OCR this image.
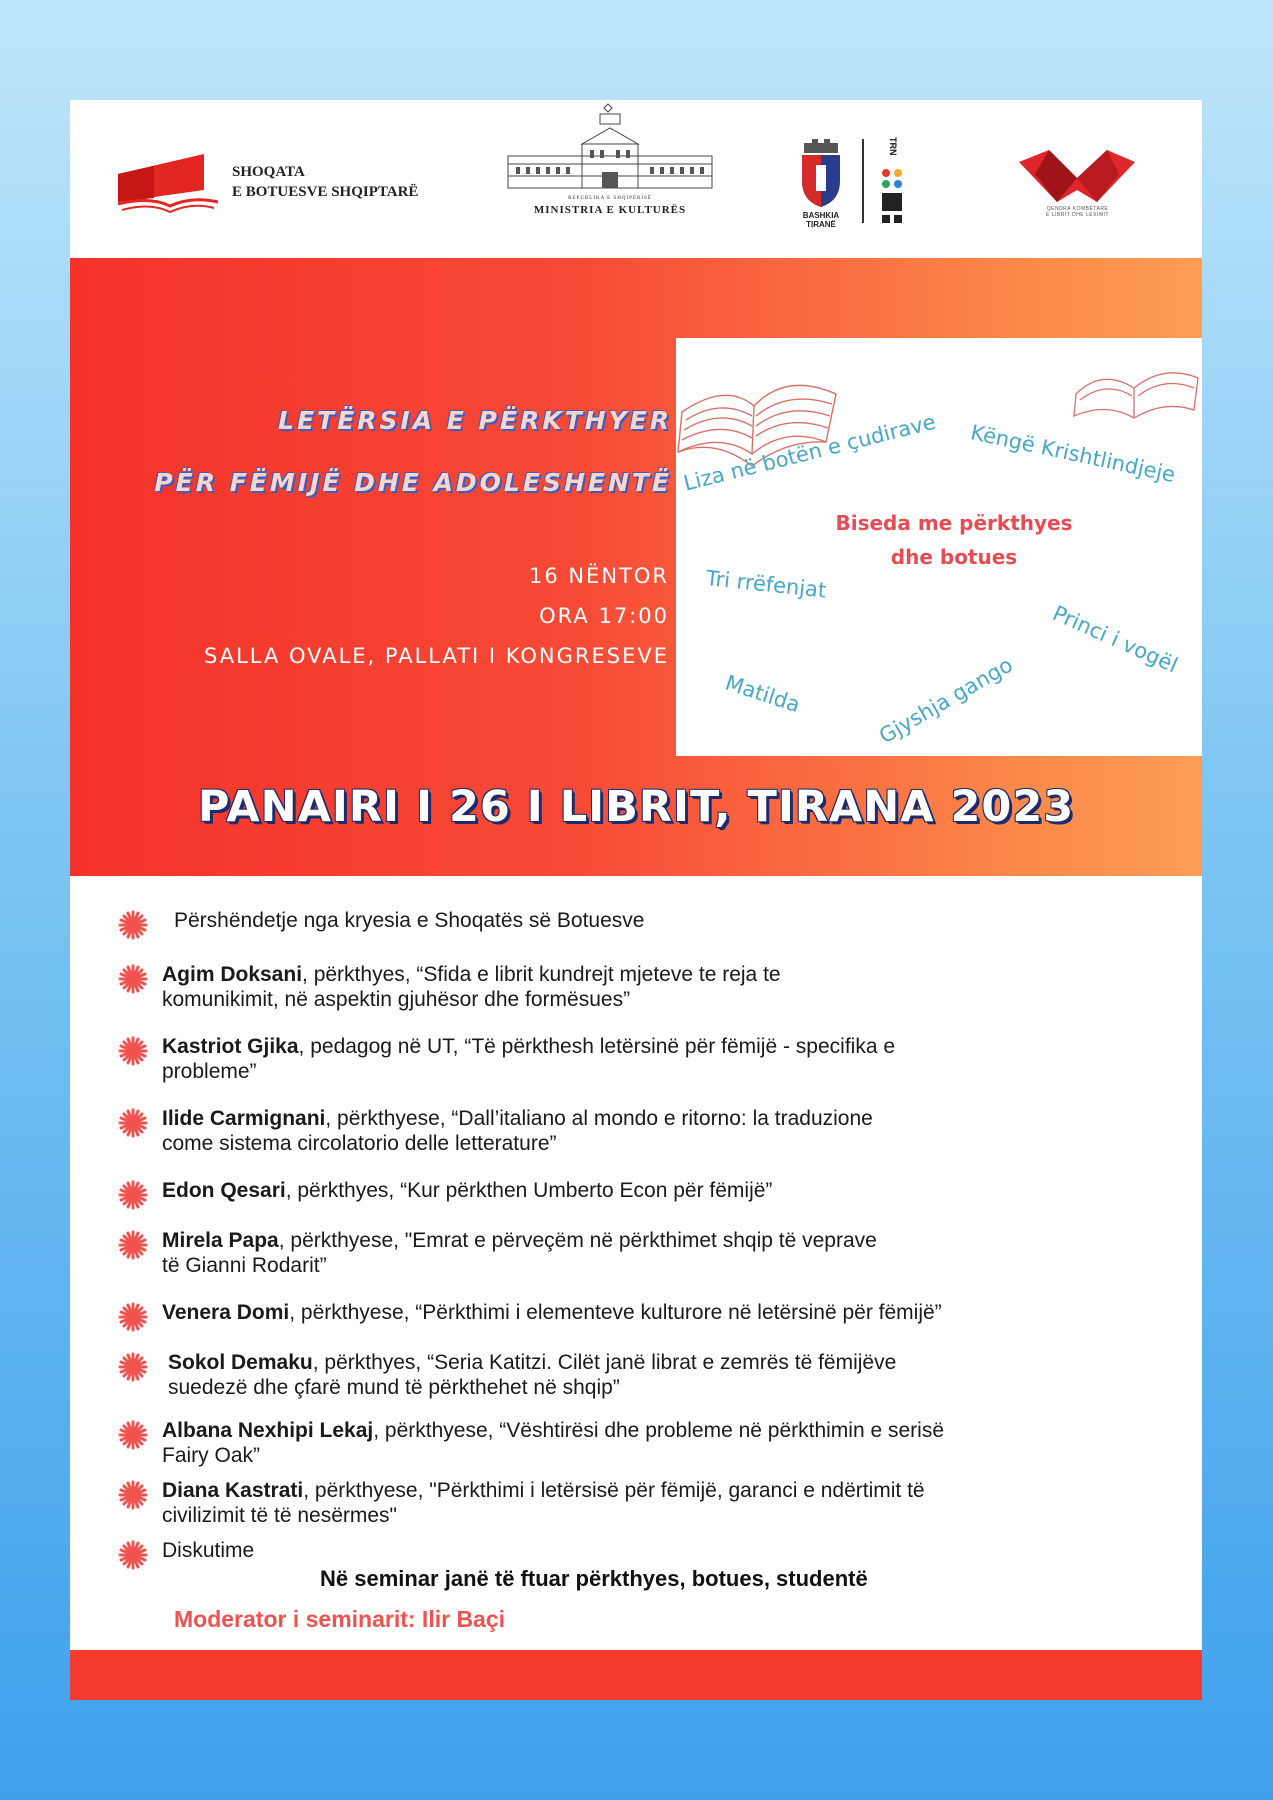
SHOQATA
E BOTUESVE SHQIPTARË	REPUBLIKA E SHQIPËRISË
MINISTRIA E KULTURËS	BASHKIA
TIRANË
TRN
QENDRA KOMBËTARE
E LIBRIT DHE LEXIMIT
LETËRSIA E PËRKTHYER
PËR FËMIJË DHE ADOLESHENTË
16 NËNTOR
ORA 17:00
SALLA OVALE, PALLATI I KONGRESEVE
Liza në botën e çudirave Këngë Krishtlindjeje
Biseda me përkthyes
dhe botues
Tri rrëfenjat
Princi i vogël
Matilda	Gjyshja gango
PANAIRI I 26 I LIBRIT, TIRANA 2023
Përshëndetje nga kryesia e Shoqatës së Botuesve
Agim Doksani, përkthyes, “Sfida e librit kundrejt mjeteve te reja te
komunikimit, në aspektin gjuhësor dhe formësues”
Kastriot Gjika, pedagog në UT, “Të përkthesh letërsinë për fëmijë - specifika e
probleme”
Ilide Carmignani, përkthyese, “Dall’italiano al mondo e ritorno: la traduzione
come sistema circolatorio delle letterature”
Edon Qesari, përkthyes, “Kur përkthen Umberto Econ për fëmijë”
Mirela Papa, përkthyese, "Emrat e përveçëm në përkthimet shqip të veprave
të Gianni Rodarit”
Venera Domi, përkthyese, “Përkthimi i elementeve kulturore në letërsinë për fëmijë”
Sokol Demaku, përkthyes, “Seria Katitzi. Cilët janë librat e zemrës të fëmijëve
suedezë dhe çfarë mund të përkthehet në shqip”
Albana Nexhipi Lekaj, përkthyese, “Vështirësi dhe probleme në përkthimin e serisë
Fairy Oak”
Diana Kastrati, përkthyese, "Përkthimi i letërsisë për fëmijë, garanci e ndërtimit të
civilizimit të të nesërmes"
Diskutime
Në seminar janë të ftuar përkthyes, botues, studentë
Moderator i seminarit: Ilir Baçi
